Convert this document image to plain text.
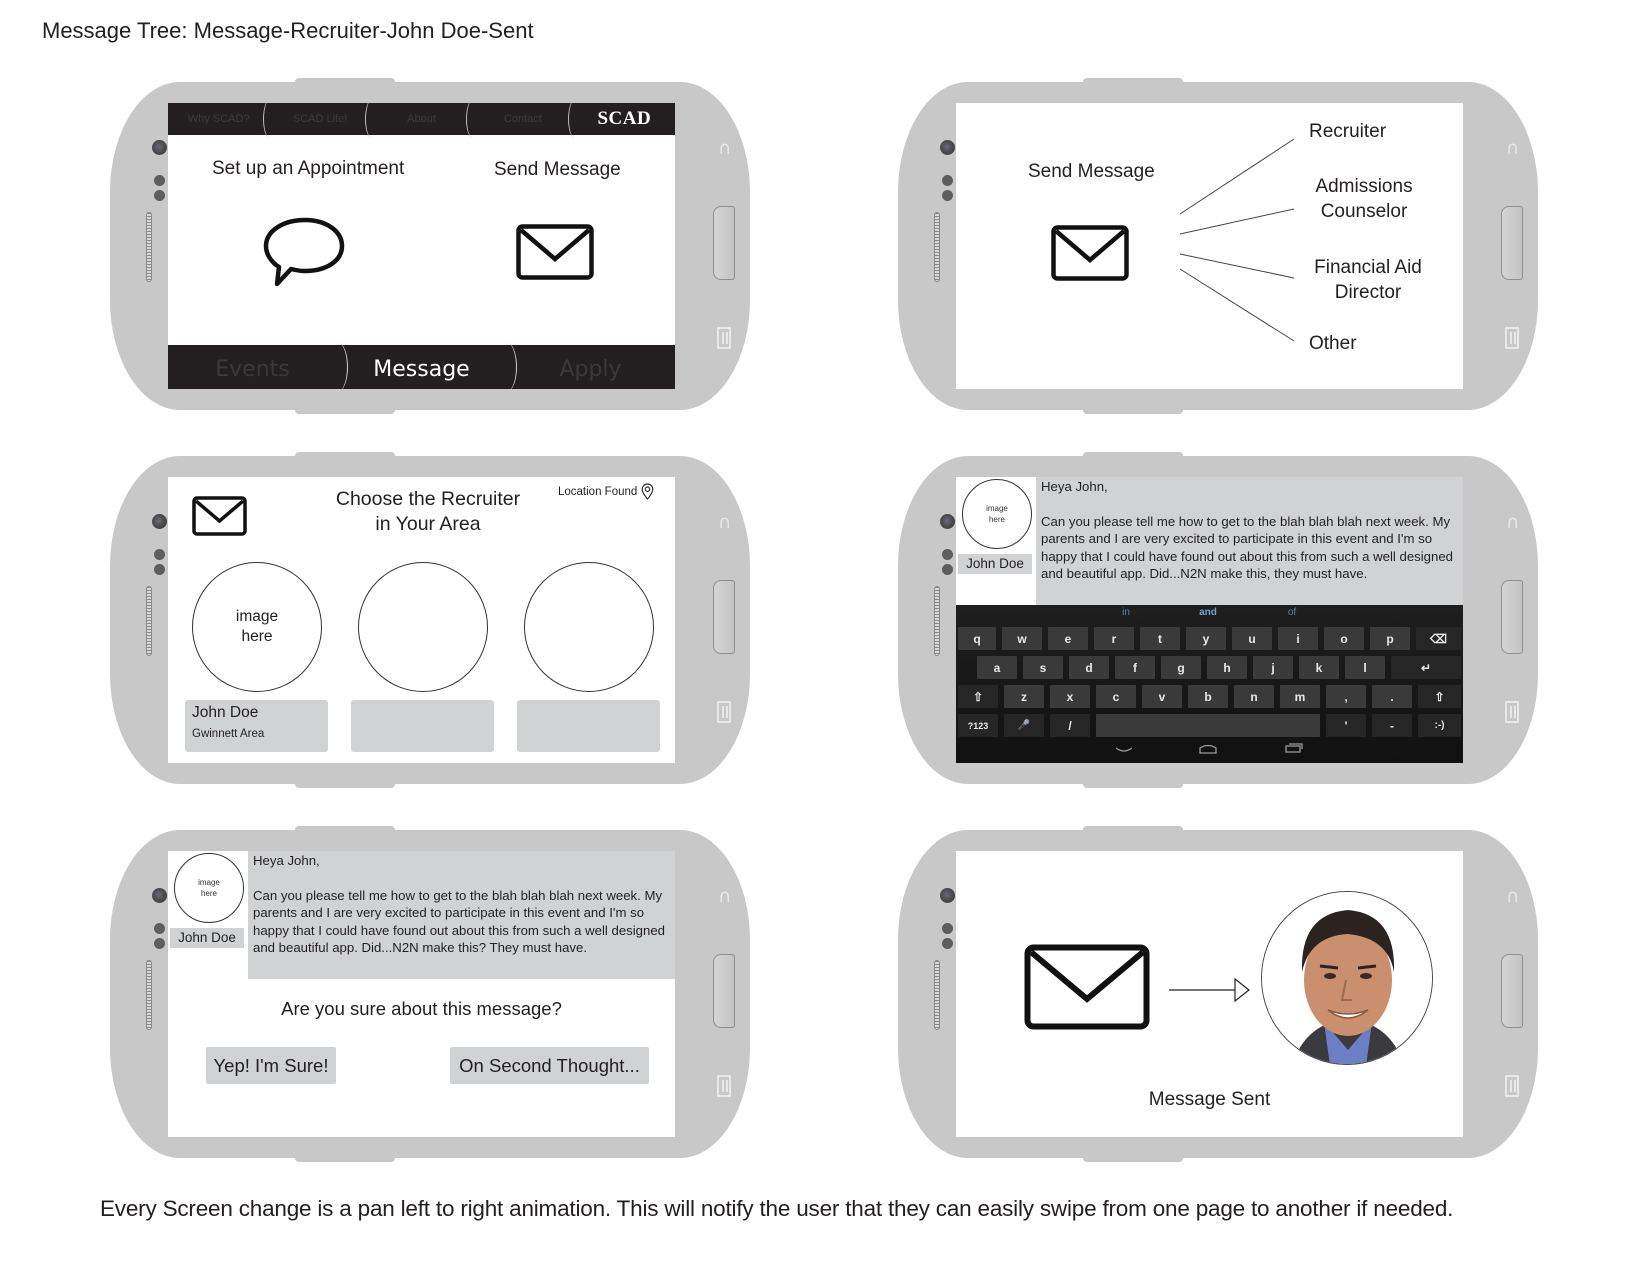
Message Tree: Message-Recruiter-John Doe-Sent
∩
Why SCAD?	SCAD Life!	About	Contact	SCAD
Set up an Appointment	Send Message
Events	Message	Apply
∩
Send Message
Recruiter
Admissions
Counselor
Financial Aid
Director
Other
∩
Choose the Recruiter
in Your Area
Location Found
image
here
John Doe
Gwinnett Area
∩
image
here
John Doe
Heya John,
Can you please tell me how to get to the blah blah blah next week. My parents and I are very excited to participate in this event and I'm so happy that I could have found out about this from such a well designed and beautiful app. Did...N2N make this, they must have.
in	and	of
q	w	e	r	t	y	u	i	o	p	⌫
a	s	d	f	g	h	j	k	l	↵
⇧	z	x	c	v	b	n	m	,	.	⇧
?123	🎤	/	'	-	:-)
∩
image
here
John Doe
Heya John,
Can you please tell me how to get to the blah blah blah next week. My parents and I are very excited to participate in this event and I'm so happy that I could have found out about this from such a well designed and beautiful app. Did...N2N make this? They must have.
Are you sure about this message?
Yep! I'm Sure!	On Second Thought...
∩
Message Sent
Every Screen change is a pan left to right animation. This will notify the user that they can easily swipe from one page to another if needed.
